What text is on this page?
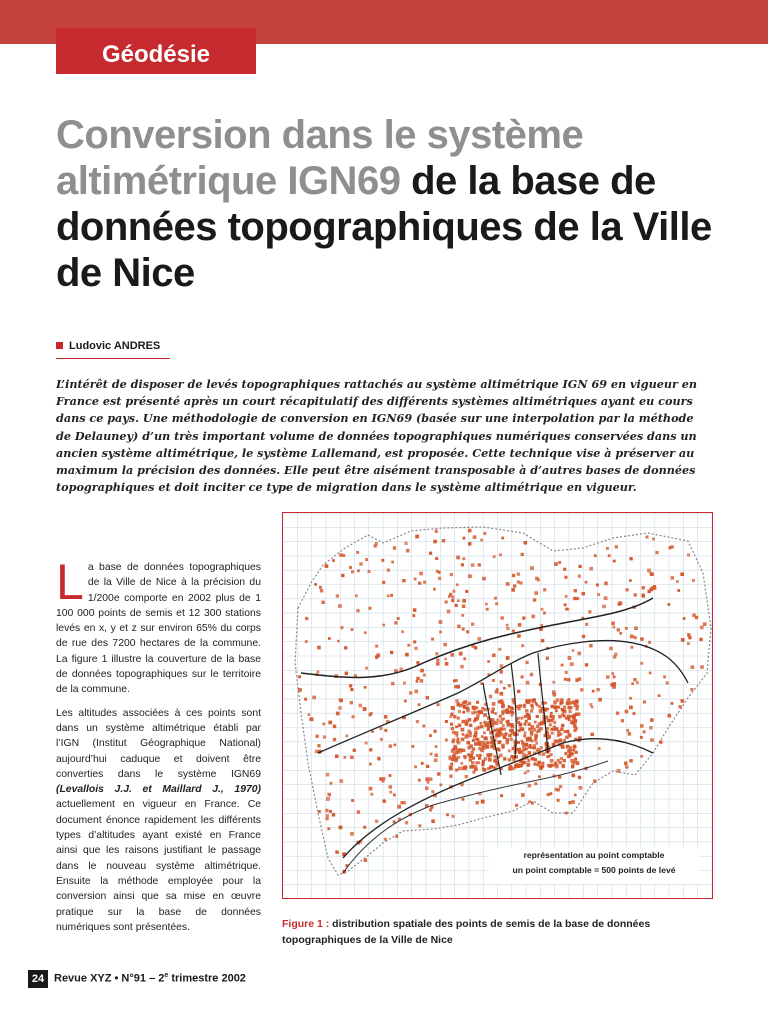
Géodésie
Conversion dans le système altimétrique IGN69 de la base de données topographiques de la Ville de Nice
Ludovic ANDRES

L’intérêt de disposer de levés topographiques rattachés au système altimétrique IGN 69 en vigueur en France est présenté après un court récapitulatif des différents systèmes altimétriques ayant eu cours dans ce pays. Une méthodologie de conversion en IGN69 (basée sur une interpolation par la méthode de Delauney) d’un très important volume de données topographiques numériques conservées dans un ancien système altimétrique, le système Lallemand, est proposée. Cette technique vise à préserver au maximum la précision des données. Elle peut être aisément transposable à d’autres bases de données topographiques et doit inciter ce type de migration dans le système altimétrique en vigueur.

La base de données topographiques de la Ville de Nice à la précision du 1/200e comporte en 2002 plus de 1 100 000 points de semis et 12 300 stations levés en x, y et z sur environ 65% du corps de rue des 7200 hectares de la commune. La figure 1 illustre la couverture de la base de données topographiques sur le territoire de la commune.

Les altitudes associées à ces points sont dans un système altimétrique établi par l’IGN (Institut Géographique National) aujourd’hui caduque et doivent être converties dans le système IGN69 (Levallois J.J. et Maillard J., 1970) actuellement en vigueur en France. Ce document énonce rapidement les différents types d’altitudes ayant existé en France ainsi que les raisons justifiant le passage dans le nouveau système altimétrique. Ensuite la méthode employée pour la conversion ainsi que sa mise en œuvre pratique sur la base de données numériques sont présentées.

représentation au point comptable
un point comptable = 500 points de levé
Figure 1 : distribution spatiale des points de semis de la base de données topographiques de la Ville de Nice
24 Revue XYZ • N°91 – 2e trimestre 2002
